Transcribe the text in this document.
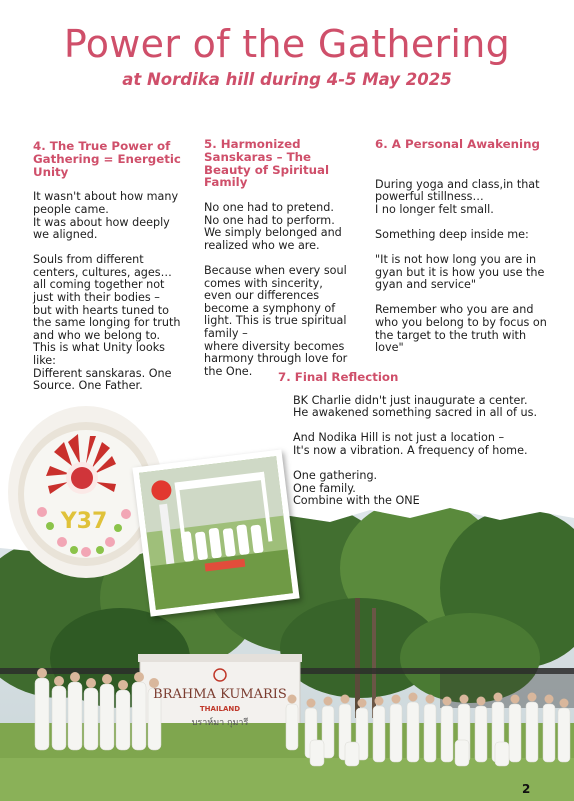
Power of the Gathering
at Nordika hill during 4-5 May 2025
4. The True Power of Gathering = Energetic Unity

It wasn't about how many people came.
It was about how deeply we aligned.

Souls from different centers, cultures, ages…
all coming together not just with their bodies –
but with hearts tuned to the same longing for truth and who we belong to.
This is what Unity looks like:
Different sanskaras. One Source. One Father.

5. Harmonized Sanskaras – The Beauty of Spiritual Family

No one had to pretend.
No one had to perform.
We simply belonged and realized who we are.

Because when every soul comes with sincerity,
even our differences become a symphony of light. This is true spiritual family –
where diversity becomes harmony through love for the One.

6. A Personal Awakening

During yoga and class,in that powerful stillness…
I no longer felt small.

Something deep inside me:

"It is not how long you are in gyan but it is how you use the gyan and service"

Remember who you are and who you belong to by focus on the target to the truth with love"

7. Final Reflection

BK Charlie didn't just inaugurate a center.
He awakened something sacred in all of us.

And Nodika Hill is not just a location –
It's now a vibration. A frequency of home.

One gathering.
One family.
Combine with the ONE

BRAHMA KUMARIS
THAILAND
บราห์มา กุมารี
Y37
2
